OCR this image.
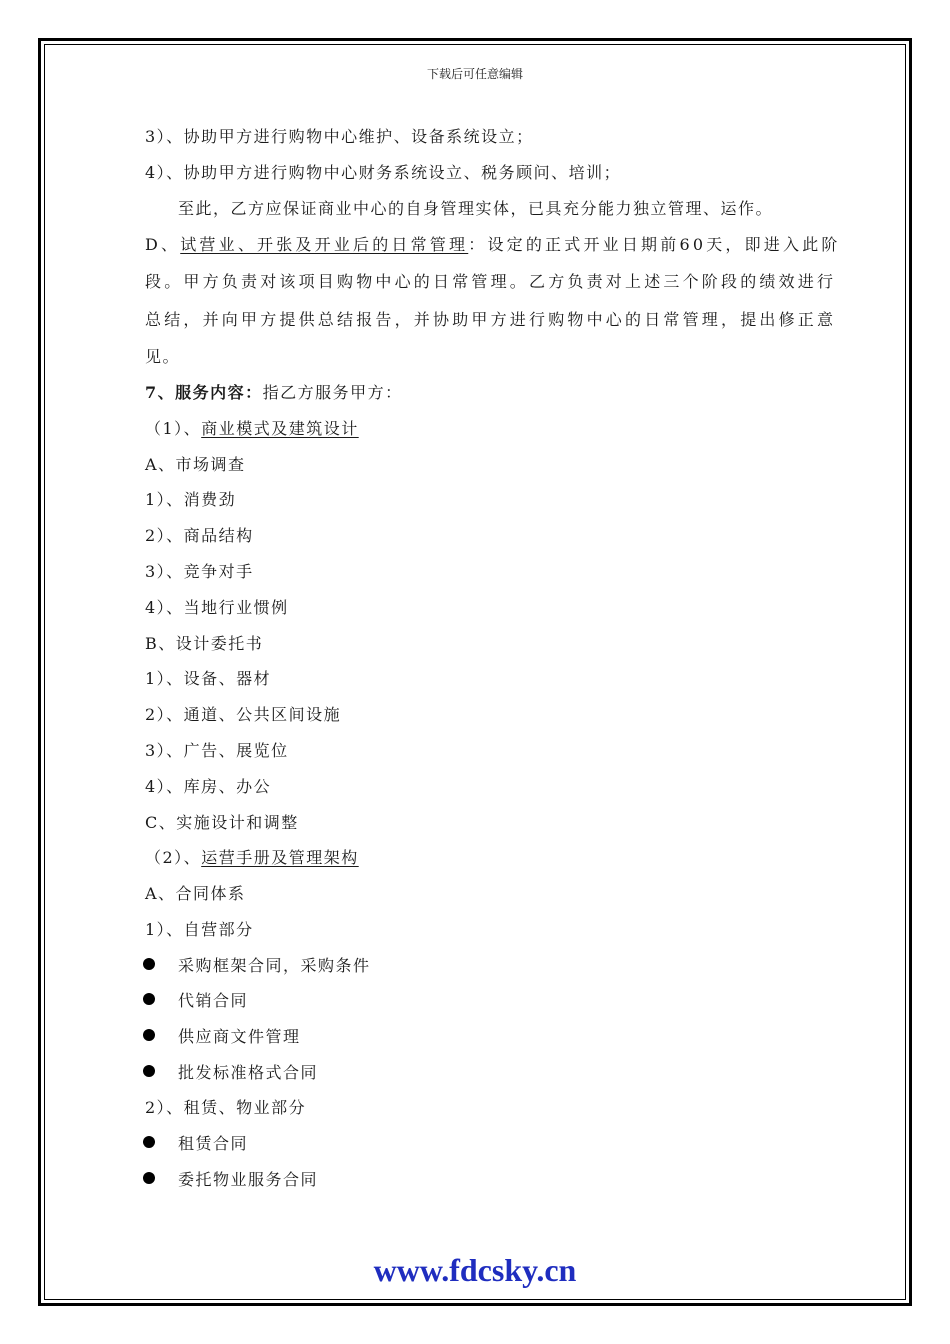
下载后可任意编辑
3）、协助甲方进行购物中心维护、设备系统设立；
4）、协助甲方进行购物中心财务系统设立、税务顾问、培训；
至此，乙方应保证商业中心的自身管理实体，已具充分能力独立管理、运作。
D、试营业、开张及开业后的日常管理：设定的正式开业日期前60天，即进入此阶
段。甲方负责对该项目购物中心的日常管理。乙方负责对上述三个阶段的绩效进行
总结，并向甲方提供总结报告，并协助甲方进行购物中心的日常管理，提出修正意
见。
7、服务内容：指乙方服务甲方：
（1）、商业模式及建筑设计
A、市场调查
1）、消费劲
2）、商品结构
3）、竞争对手
4）、当地行业惯例
B、设计委托书
1）、设备、器材
2）、通道、公共区间设施
3）、广告、展览位
4）、库房、办公
C、实施设计和调整
（2）、运营手册及管理架构
A、合同体系
1）、自营部分
采购框架合同，采购条件
代销合同
供应商文件管理
批发标准格式合同
2）、租赁、物业部分
租赁合同
委托物业服务合同
www.fdcsky.cn
